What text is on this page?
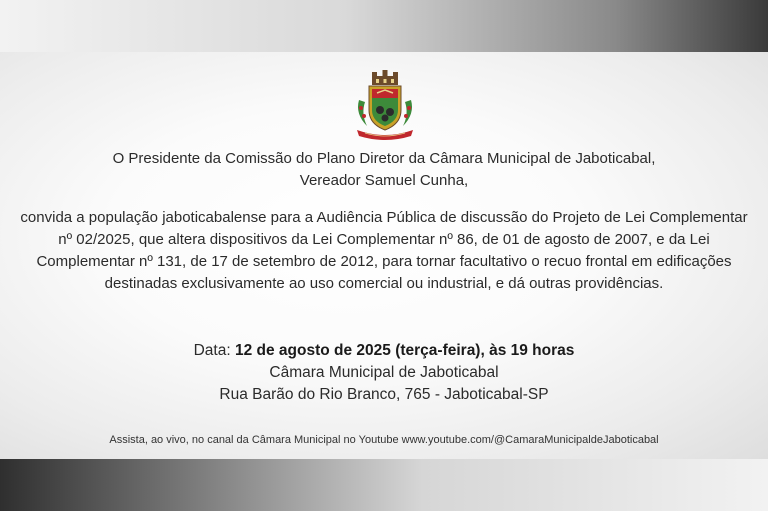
O Presidente da Comissão do Plano Diretor da Câmara Municipal de Jaboticabal,
Vereador Samuel Cunha,

convida a população jaboticabalense para a Audiência Pública de discussão do Projeto de Lei Complementar nº 02/2025, que altera dispositivos da Lei Complementar nº 86, de 01 de agosto de 2007, e da Lei Complementar nº 131, de 17 de setembro de 2012, para tornar facultativo o recuo frontal em edificações destinadas exclusivamente ao uso comercial ou industrial, e dá outras providências.

Data: 12 de agosto de 2025 (terça-feira), às 19 horas
Câmara Municipal de Jaboticabal
Rua Barão do Rio Branco, 765 - Jaboticabal-SP
Assista, ao vivo, no canal da Câmara Municipal no Youtube www.youtube.com/@CamaraMunicipaldeJaboticabal
